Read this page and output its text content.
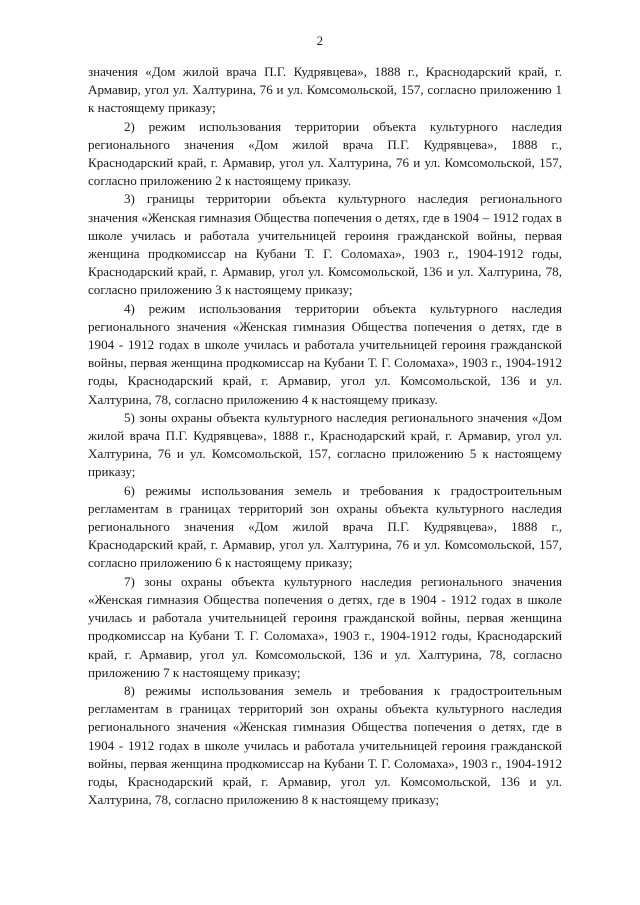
2

значения «Дом жилой врача П.Г. Кудрявцева», 1888 г., Краснодарский край, г. Армавир, угол ул. Халтурина, 76 и ул. Комсомольской, 157, согласно приложению 1 к настоящему приказу;

2) режим использования территории объекта культурного наследия регионального значения «Дом жилой врача П.Г. Кудрявцева», 1888 г., Краснодарский край, г. Армавир, угол ул. Халтурина, 76 и ул. Комсомольской, 157, согласно приложению 2 к настоящему приказу.

3) границы территории объекта культурного наследия регионального значения «Женская гимназия Общества попечения о детях, где в 1904 – 1912 годах в школе училась и работала учительницей героиня гражданской войны, первая женщина продкомиссар на Кубани Т. Г. Соломаха», 1903 г., 1904-1912 годы, Краснодарский край, г. Армавир, угол ул. Комсомольской, 136 и ул. Халтурина, 78, согласно приложению 3 к настоящему приказу;

4) режим использования территории объекта культурного наследия регионального значения «Женская гимназия Общества попечения о детях, где в 1904 - 1912 годах в школе училась и работала учительницей героиня гражданской войны, первая женщина продкомиссар на Кубани Т. Г. Соломаха», 1903 г., 1904-1912 годы, Краснодарский край, г. Армавир, угол ул. Комсомольской, 136 и ул. Халтурина, 78, согласно приложению 4 к настоящему приказу.

5) зоны охраны объекта культурного наследия регионального значения «Дом жилой врача П.Г. Кудрявцева», 1888 г., Краснодарский край, г. Армавир, угол ул. Халтурина, 76 и ул. Комсомольской, 157, согласно приложению 5 к настоящему приказу;

6) режимы использования земель и требования к градостроительным регламентам в границах территорий зон охраны объекта культурного наследия регионального значения «Дом жилой врача П.Г. Кудрявцева», 1888 г., Краснодарский край, г. Армавир, угол ул. Халтурина, 76 и ул. Комсомольской, 157, согласно приложению 6 к настоящему приказу;

7) зоны охраны объекта культурного наследия регионального значения «Женская гимназия Общества попечения о детях, где в 1904 - 1912 годах в школе училась и работала учительницей героиня гражданской войны, первая женщина продкомиссар на Кубани Т. Г. Соломаха», 1903 г., 1904-1912 годы, Краснодарский край, г. Армавир, угол ул. Комсомольской, 136 и ул. Халтурина, 78, согласно приложению 7 к настоящему приказу;

8) режимы использования земель и требования к градостроительным регламентам в границах территорий зон охраны объекта культурного наследия регионального значения «Женская гимназия Общества попечения о детях, где в 1904 - 1912 годах в школе училась и работала учительницей героиня гражданской войны, первая женщина продкомиссар на Кубани Т. Г. Соломаха», 1903 г., 1904-1912 годы, Краснодарский край, г. Армавир, угол ул. Комсомольской, 136 и ул. Халтурина, 78, согласно приложению 8 к настоящему приказу;
